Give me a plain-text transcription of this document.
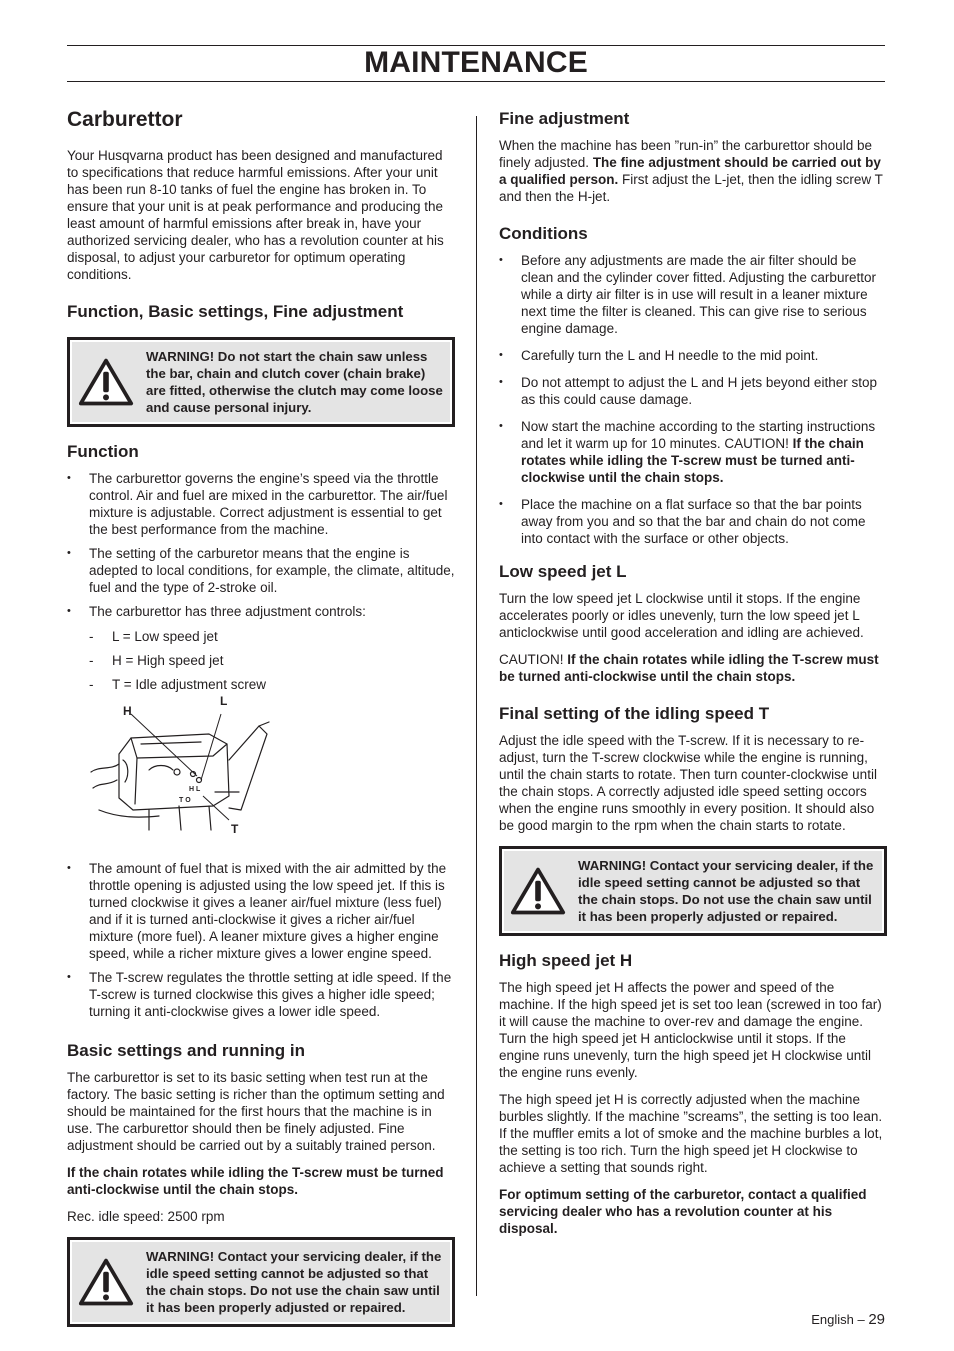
MAINTENANCE
Carburettor

Your Husqvarna product has been designed and manufactured to specifications that reduce harmful emissions. After your unit has been run 8-10 tanks of fuel the engine has broken in. To ensure that your unit is at peak performance and producing the least amount of harmful emissions after break in, have your authorized servicing dealer, who has a revolution counter at his disposal, to adjust your carburetor for optimum operating conditions.

Function, Basic settings, Fine adjustment
WARNING! Do not start the chain saw unless the bar, chain and clutch cover (chain brake) are fitted, otherwise the clutch may come loose and cause personal injury.
Function
• The carburettor governs the engine’s speed via the throttle control. Air and fuel are mixed in the carburettor. The air/fuel mixture is adjustable. Correct adjustment is essential to get the best performance from the machine.
• The setting of the carburetor means that the engine is adepted to local conditions, for example, the climate, altitude, fuel and the type of 2-stroke oil.
• The carburettor has three adjustment controls:
- L = Low speed jet
- H = High speed jet
- T = Idle adjustment screw
H
L
T
H L
T O
• The amount of fuel that is mixed with the air admitted by the throttle opening is adjusted using the low speed jet. If this is turned clockwise it gives a leaner air/fuel mixture (less fuel) and if it is turned anti-clockwise it gives a richer air/fuel mixture (more fuel). A leaner mixture gives a higher engine speed, while a richer mixture gives a lower engine speed.
• The T-screw regulates the throttle setting at idle speed. If the T-screw is turned clockwise this gives a higher idle speed; turning it anti-clockwise gives a lower idle speed.
Basic settings and running in

The carburettor is set to its basic setting when test run at the factory. The basic setting is richer than the optimum setting and should be maintained for the first hours that the machine is in use. The carburettor should then be finely adjusted. Fine adjustment should be carried out by a suitably trained person.

If the chain rotates while idling the T-screw must be turned anti-clockwise until the chain stops.

Rec. idle speed: 2500 rpm

WARNING! Contact your servicing dealer, if the idle speed setting cannot be adjusted so that the chain stops. Do not use the chain saw until it has been properly adjusted or repaired.
Fine adjustment

When the machine has been ”run-in” the carburettor should be finely adjusted. The fine adjustment should be carried out by a qualified person. First adjust the L-jet, then the idling screw T and then the H-jet.

Conditions
• Before any adjustments are made the air filter should be clean and the cylinder cover fitted. Adjusting the carburettor while a dirty air filter is in use will result in a leaner mixture next time the filter is cleaned. This can give rise to serious engine damage.
• Carefully turn the L and H needle to the mid point.
• Do not attempt to adjust the L and H jets beyond either stop as this could cause damage.
• Now start the machine according to the starting instructions and let it warm up for 10 minutes. CAUTION! If the chain rotates while idling the T-screw must be turned anti-clockwise until the chain stops.
• Place the machine on a flat surface so that the bar points away from you and so that the bar and chain do not come into contact with the surface or other objects.
Low speed jet L

Turn the low speed jet L clockwise until it stops. If the engine accelerates poorly or idles unevenly, turn the low speed jet L anticlockwise until good acceleration and idling are achieved.

CAUTION! If the chain rotates while idling the T-screw must be turned anti-clockwise until the chain stops.

Final setting of the idling speed T

Adjust the idle speed with the T-screw. If it is necessary to re-adjust, turn the T-screw clockwise while the engine is running, until the chain starts to rotate. Then turn counter-clockwise until the chain stops. A correctly adjusted idle speed setting occors when the engine runs smoothly in every position. It should also be good margin to the rpm when the chain starts to rotate.

WARNING! Contact your servicing dealer, if the idle speed setting cannot be adjusted so that the chain stops. Do not use the chain saw until it has been properly adjusted or repaired.
High speed jet H

The high speed jet H affects the power and speed of the machine. If the high speed jet is set too lean (screwed in too far) it will cause the machine to over-rev and damage the engine. Turn the high speed jet H anticlockwise until it stops. If the engine runs unevenly, turn the high speed jet H clockwise until the engine runs evenly.

The high speed jet H is correctly adjusted when the machine burbles slightly. If the machine ”screams”, the setting is too lean. If the muffler emits a lot of smoke and the machine burbles a lot, the setting is too rich. Turn the high speed jet H clockwise to achieve a setting that sounds right.

For optimum setting of the carburetor, contact a qualified servicing dealer who has a revolution counter at his disposal.

English – 29
